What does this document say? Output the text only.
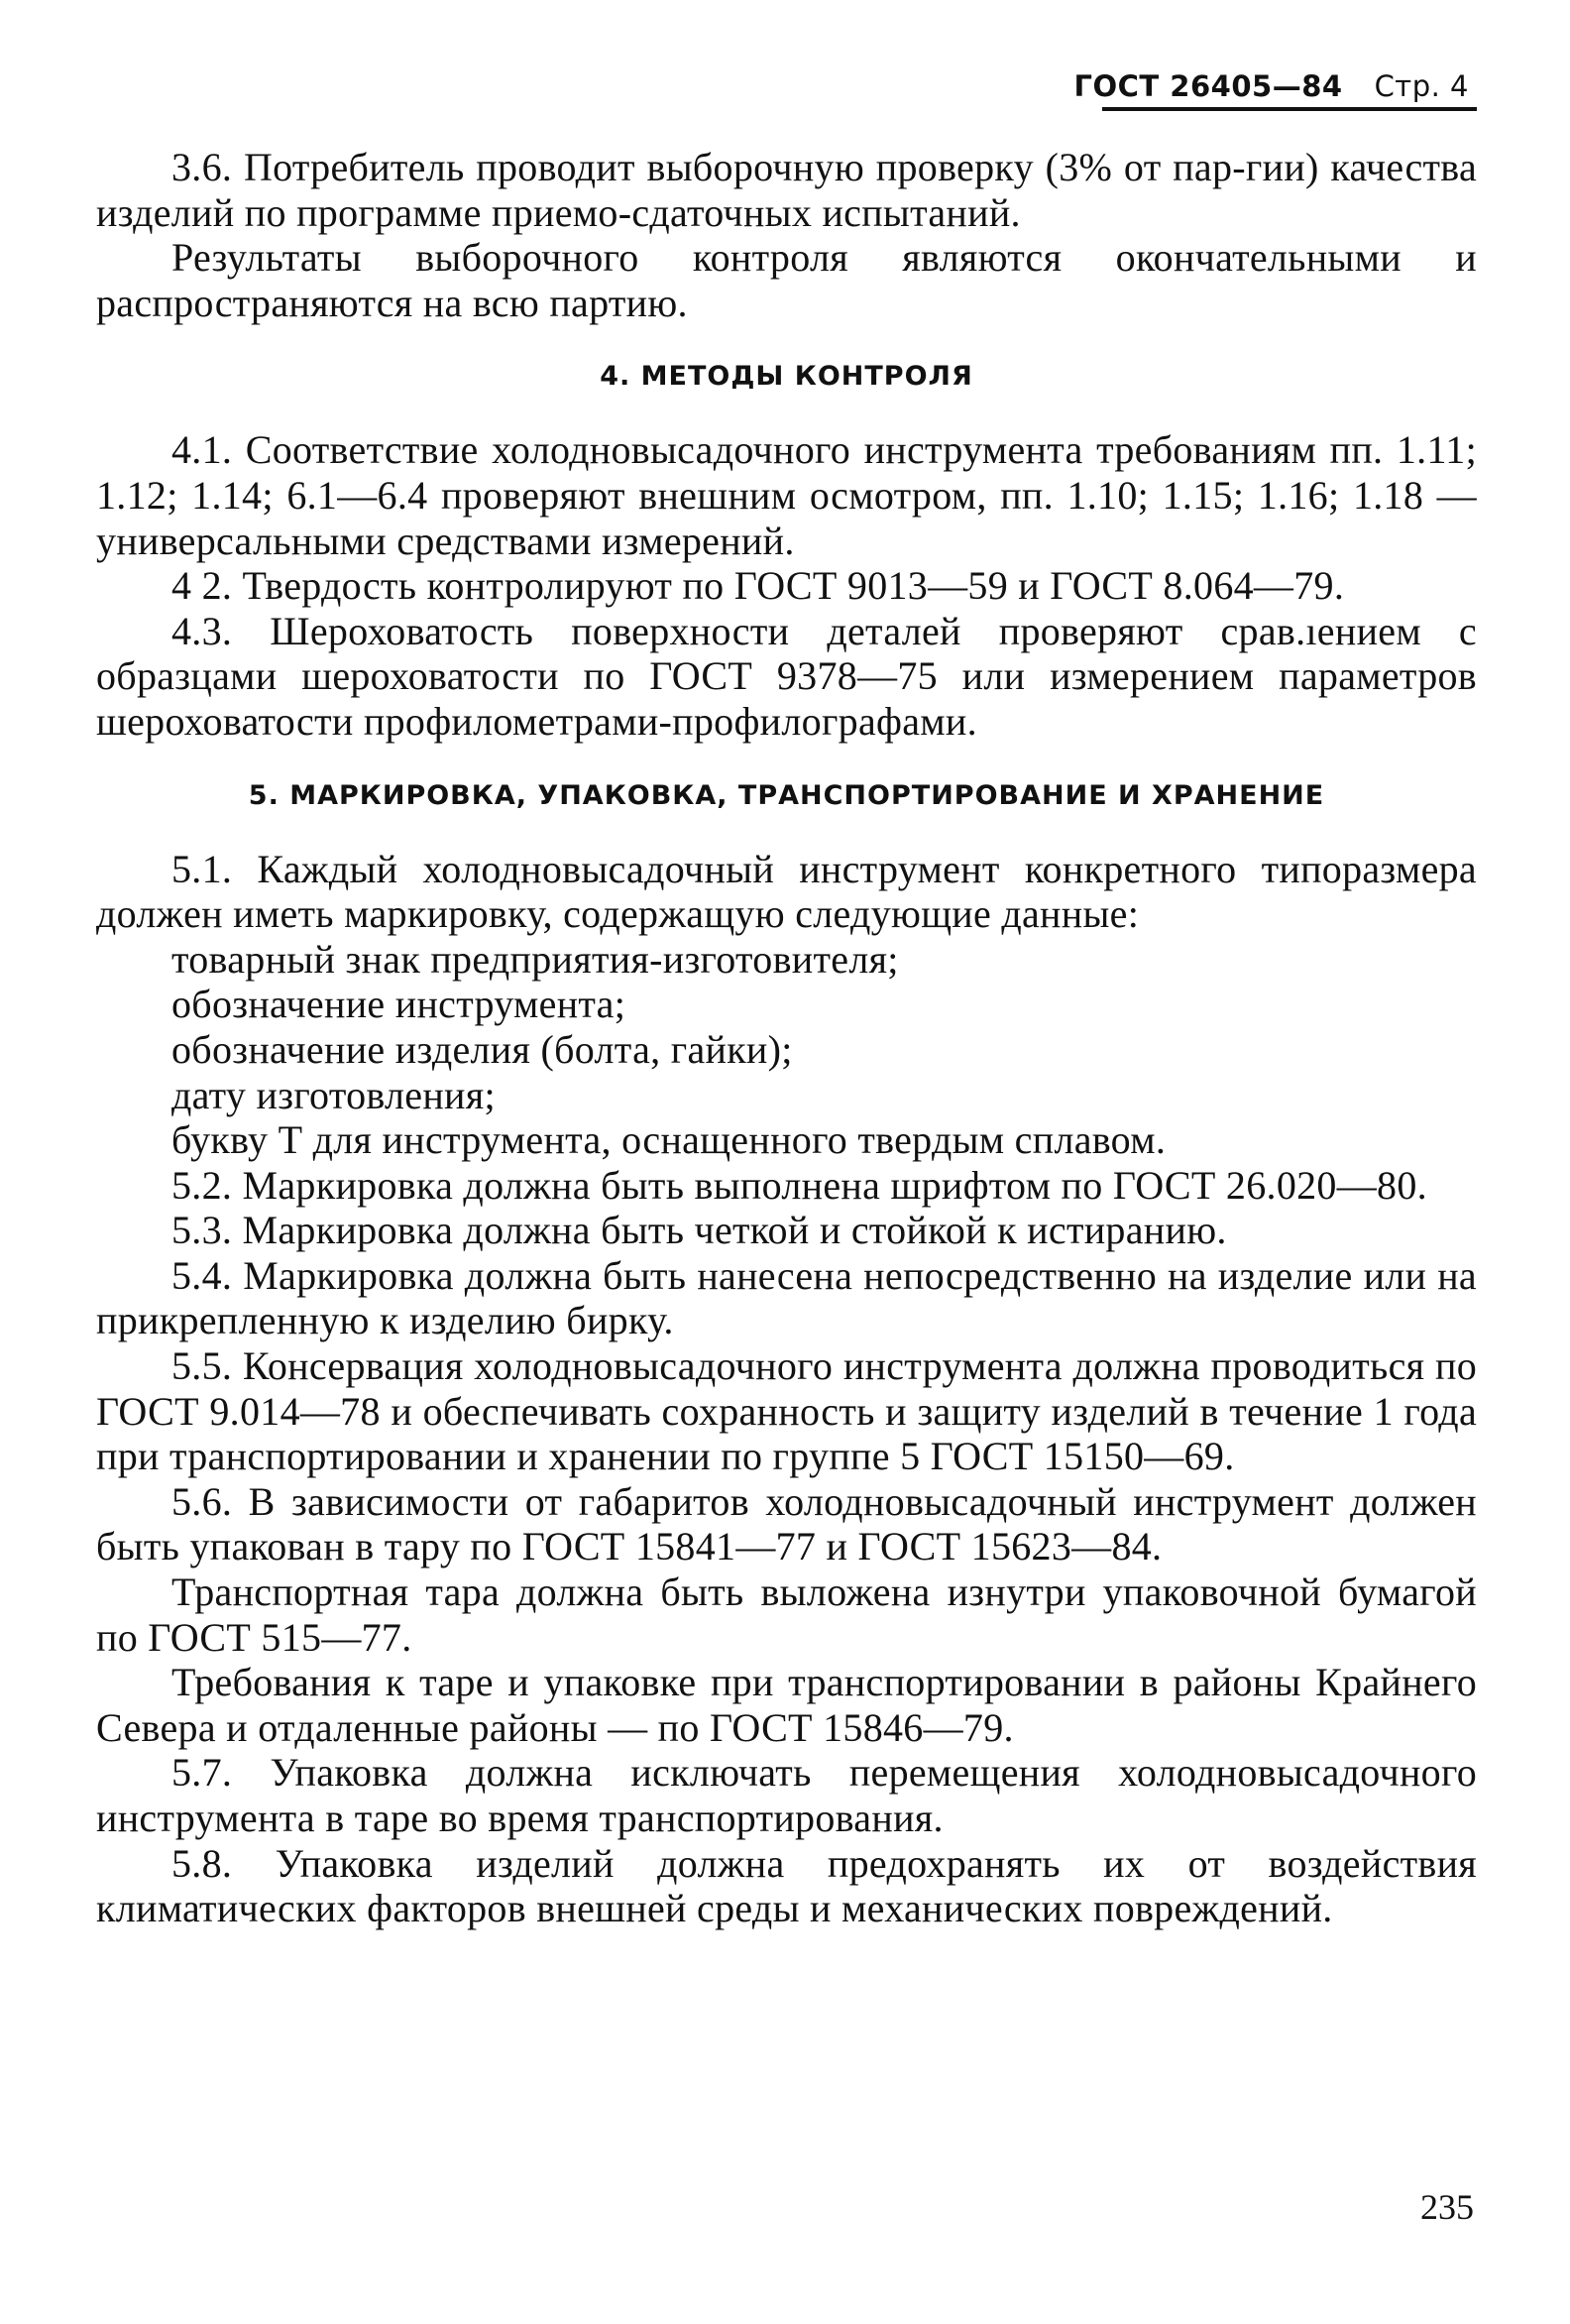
ГОСТ 26405—84 Стр. 4

3.6. Потребитель проводит выборочную проверку (3% от пар-гии) качества изделий по программе приемо-сдаточных испытаний.

Результаты выборочного контроля являются окончательными и распространяются на всю партию.

4. МЕТОДЫ КОНТРОЛЯ

4.1. Соответствие холодновысадочного инструмента требованиям пп. 1.11; 1.12; 1.14; 6.1—6.4 проверяют внешним осмотром, пп. 1.10; 1.15; 1.16; 1.18 — универсальными средствами измерений.

4 2. Твердость контролируют по ГОСТ 9013—59 и ГОСТ 8.064—79.

4.3. Шероховатость поверхности деталей проверяют срав.ıением с образцами шероховатости по ГОСТ 9378—75 или измерением параметров шероховатости профилометрами-профилографами.

5. МАРКИРОВКА, УПАКОВКА, ТРАНСПОРТИРОВАНИЕ И ХРАНЕНИЕ

5.1. Каждый холодновысадочный инструмент конкретного типоразмера должен иметь маркировку, содержащую следующие данные:

товарный знак предприятия-изготовителя;

обозначение инструмента;

обозначение изделия (болта, гайки);

дату изготовления;

букву Т для инструмента, оснащенного твердым сплавом.

5.2. Маркировка должна быть выполнена шрифтом по ГОСТ 26.020—80.

5.3. Маркировка должна быть четкой и стойкой к истиранию.

5.4. Маркировка должна быть нанесена непосредственно на изделие или на прикрепленную к изделию бирку.

5.5. Консервация холодновысадочного инструмента должна проводиться по ГОСТ 9.014—78 и обеспечивать сохранность и защиту изделий в течение 1 года при транспортировании и хранении по группе 5 ГОСТ 15150—69.

5.6. В зависимости от габаритов холодновысадочный инструмент должен быть упакован в тару по ГОСТ 15841—77 и ГОСТ 15623—84.

Транспортная тара должна быть выложена изнутри упаковочной бумагой по ГОСТ 515—77.

Требования к таре и упаковке при транспортировании в районы Крайнего Севера и отдаленные районы — по ГОСТ 15846—79.

5.7. Упаковка должна исключать перемещения холодновысадочного инструмента в таре во время транспортирования.

5.8. Упаковка изделий должна предохранять их от воздействия климатических факторов внешней среды и механических повреждений.

235
